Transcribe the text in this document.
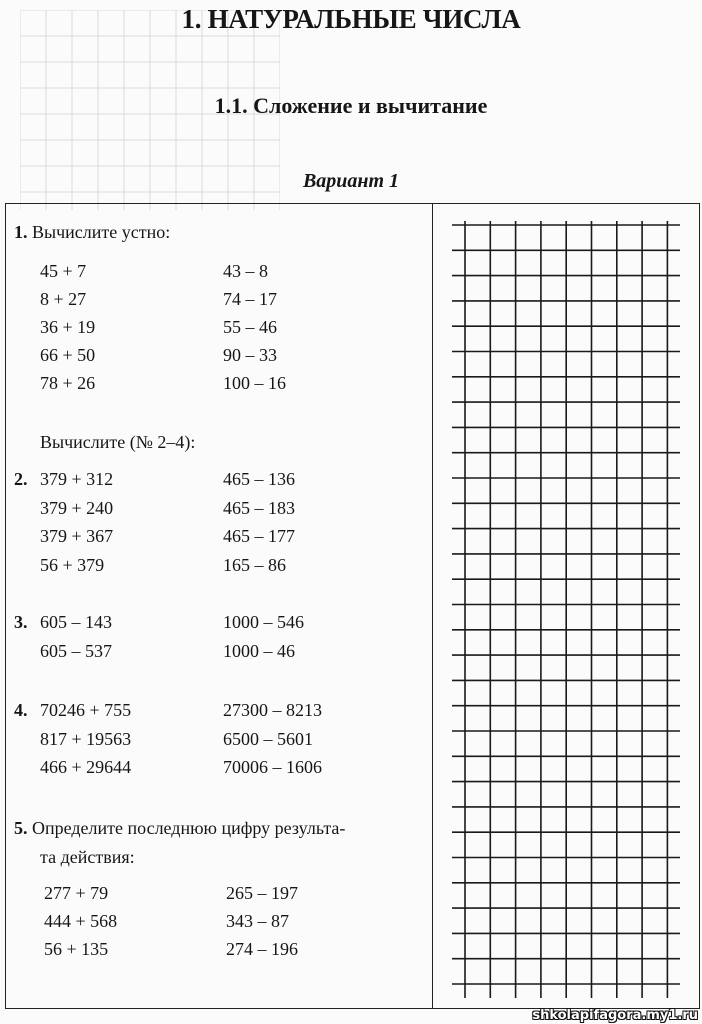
1. НАТУРАЛЬНЫЕ ЧИСЛА
1.1. Сложение и вычитание
Вариант 1
1. Вычислите устно:
45 + 7
8 + 27
36 + 19
66 + 50
78 + 26
43 – 8
74 – 17
55 – 46
90 – 33
100 – 16
Вычислите (№ 2–4):
2. 379 + 312
379 + 240
379 + 367
56 + 379
465 – 136
465 – 183
465 – 177
165 – 86
3. 605 – 143
605 – 537
1000 – 546
1000 – 46
4. 70246 + 755
817 + 19563
466 + 29644
27300 – 8213
6500 – 5601
70006 – 1606
5. Определите последнюю цифру результа-
та действия:
277 + 79
444 + 568
56 + 135
265 – 197
343 – 87
274 – 196
shkolapifagora.my1.ru
